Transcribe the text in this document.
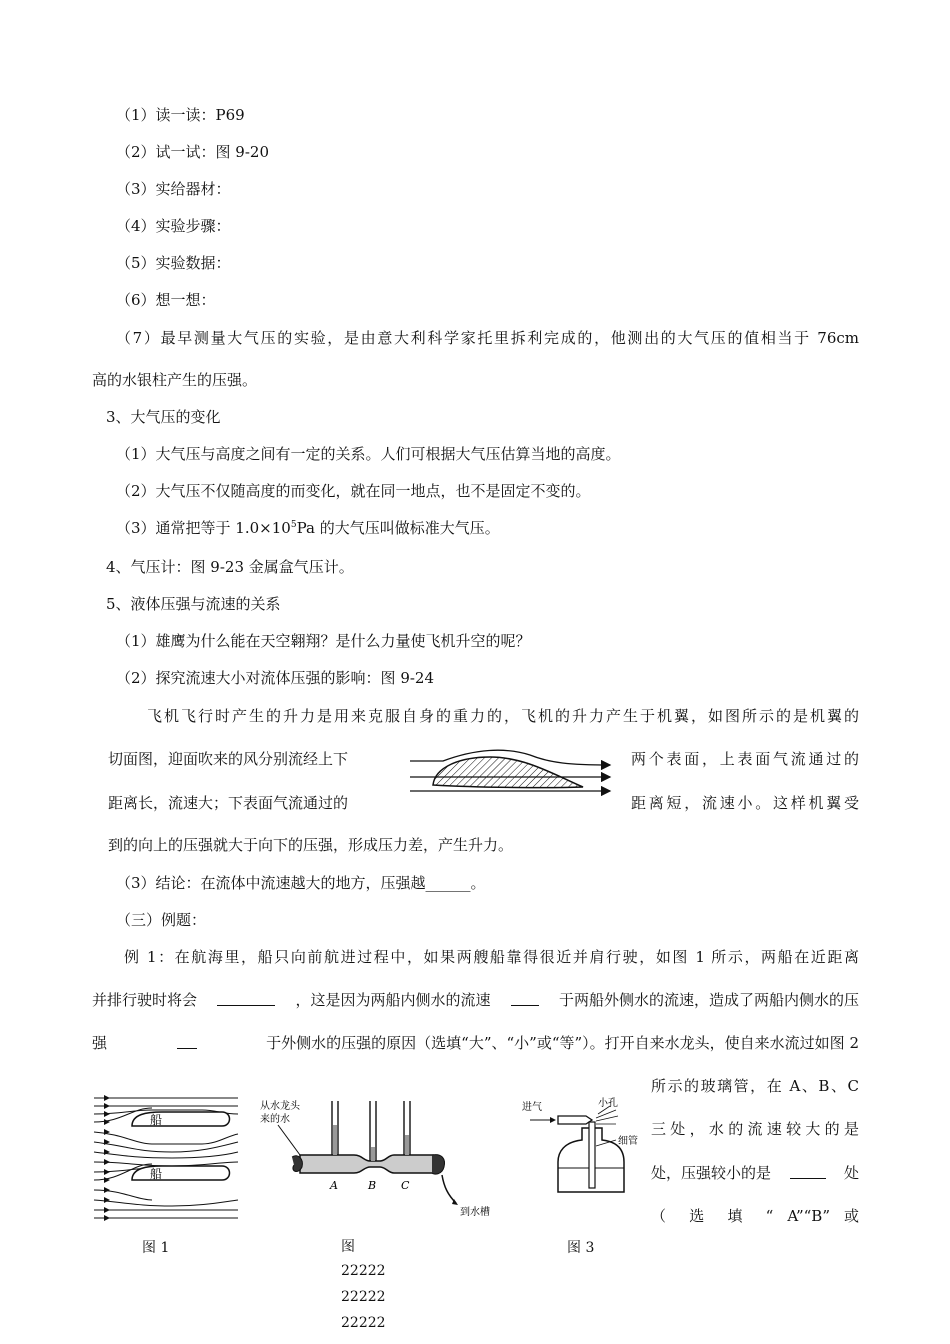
（1）读一读：P69
（2）试一试：图 9-20
（3）实给器材：
（4）实验步骤：
（5）实验数据：
（6）想一想：
（7）最早测量大气压的实验，是由意大利科学家托里拆利完成的，他测出的大气压的值相当于 76cm
高的水银柱产生的压强。
3、大气压的变化
（1）大气压与高度之间有一定的关系。人们可根据大气压估算当地的高度。
（2）大气压不仅随高度的而变化，就在同一地点，也不是固定不变的。
（3）通常把等于 $1.0\times 10^5Pa$ 的大气压叫做标准大气压。
4、气压计：图 9-23 金属盒气压计。
5、液体压强与流速的关系
（1）雄鹰为什么能在天空翱翔？是什么力量使飞机升空的呢？
（2）探究流速大小对流体压强的影响：图 9-24
飞机飞行时产生的升力是用来克服自身的重力的，飞机的升力产生于机翼，如图所示的是机翼的
切面图，迎面吹来的风分别流经上下	两个表面，上表面气流通过的
距离长，流速大；下表面气流通过的	距离短，流速小。这样机翼受
到的向上的压强就大于向下的压强，形成压力差，产生升力。
（3）结论：在流体中流速越大的地方，压强越______。
（三）例题：
例 1：在航海里，船只向前航进过程中，如果两艘船靠得很近并肩行驶，如图 1 所示，两船在近距离
并排行驶时将会	，这是因为两船内侧水的流速	于两船外侧水的流速，造成了两船内侧水的压
强	于外侧水的压强的原因（选填“大”、“小”或“等”）。打开自来水龙头，使自来水流过如图 2
所示的玻璃管，在 A、B、C
三处，水的流速较大的是
处，压强较小的是	处
（ 选 填 “ A”“B” 或
船
船
从水龙头
来的水
A	B C
到水槽
进气	小孔
细管
图 1	图
22222
22222
22222
图 3
